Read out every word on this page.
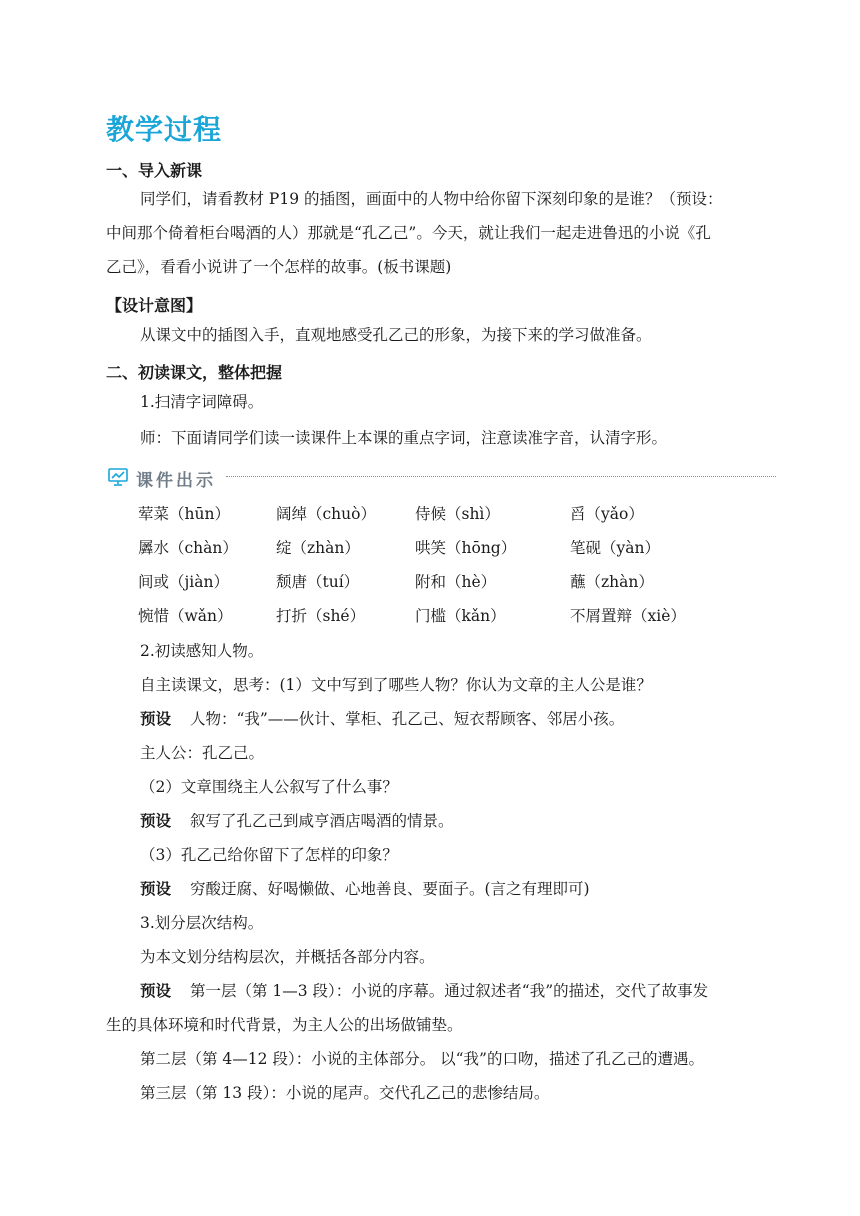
教学过程
一、导入新课
同学们，请看教材 P19 的插图，画面中的人物中给你留下深刻印象的是谁？（预设：
中间那个倚着柜台喝酒的人）那就是“孔乙己”。今天，就让我们一起走进鲁迅的小说《孔
乙己》，看看小说讲了一个怎样的故事。(板书课题)
【设计意图】
从课文中的插图入手，直观地感受孔乙己的形象，为接下来的学习做准备。
二、初读课文，整体把握
1.扫清字词障碍。
师：下面请同学们读一读课件上本课的重点字词，注意读准字音，认清字形。
课件出示
荤菜（hūn）	阔绰（chuò）	侍候（shì）	舀（yǎo）
羼水（chàn） 绽（zhàn）	哄笑（hōng）	笔砚（yàn）
间或（jiàn）	颓唐（tuí）	附和（hè）	蘸（zhàn）
惋惜（wǎn）	打折（shé）	门槛（kǎn）	不屑置辩（xiè）
2.初读感知人物。
自主读课文，思考：(1）文中写到了哪些人物？你认为文章的主人公是谁？
预设 人物：“我”——伙计、掌柜、孔乙己、短衣帮顾客、邻居小孩。
主人公：孔乙己。
（2）文章围绕主人公叙写了什么事？
预设 叙写了孔乙己到咸亨酒店喝酒的情景。
（3）孔乙己给你留下了怎样的印象？
预设 穷酸迂腐、好喝懒做、心地善良、要面子。(言之有理即可)
3.划分层次结构。
为本文划分结构层次，并概括各部分内容。
预设 第一层（第 1—3 段）：小说的序幕。通过叙述者“我”的描述，交代了故事发
生的具体环境和时代背景，为主人公的出场做铺垫。
第二层（第 4—12 段）：小说的主体部分。 以“我”的口吻，描述了孔乙己的遭遇。
第三层（第 13 段）：小说的尾声。交代孔乙己的悲惨结局。
